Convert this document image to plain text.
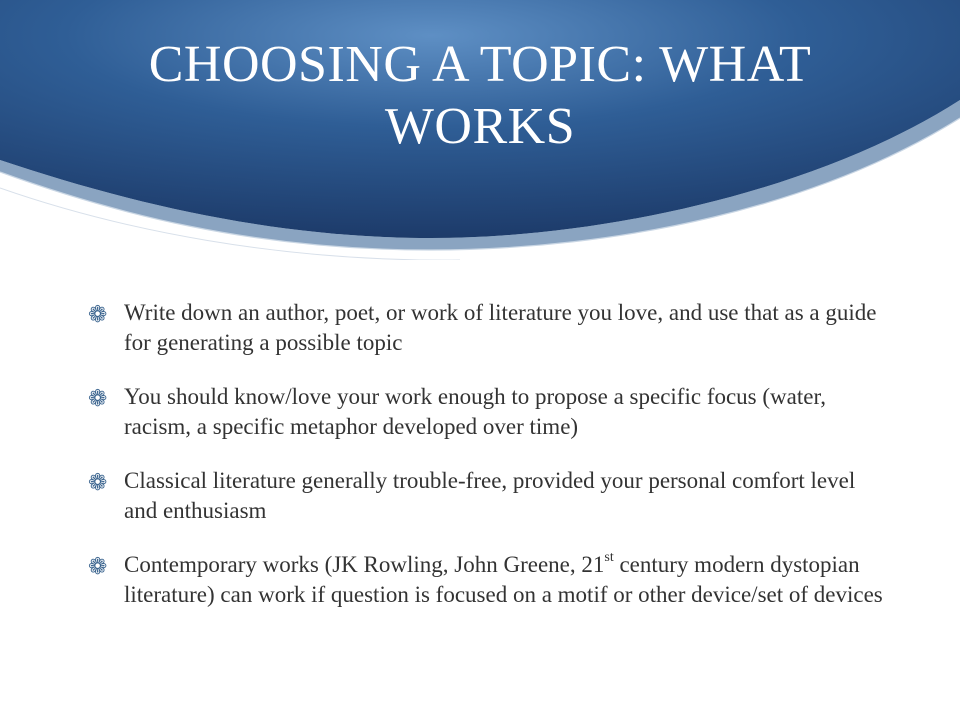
CHOOSING A TOPIC: WHAT WORKS
❁ Write down an author, poet, or work of literature you love, and use that as a guide for generating a possible topic
❁ You should know/love your work enough to propose a specific focus (water, racism, a specific metaphor developed over time)
❁ Classical literature generally trouble-free, provided your personal comfort level and enthusiasm
❁ Contemporary works (JK Rowling, John Greene, 21st century modern dystopian literature) can work if question is focused on a motif or other device/set of devices
